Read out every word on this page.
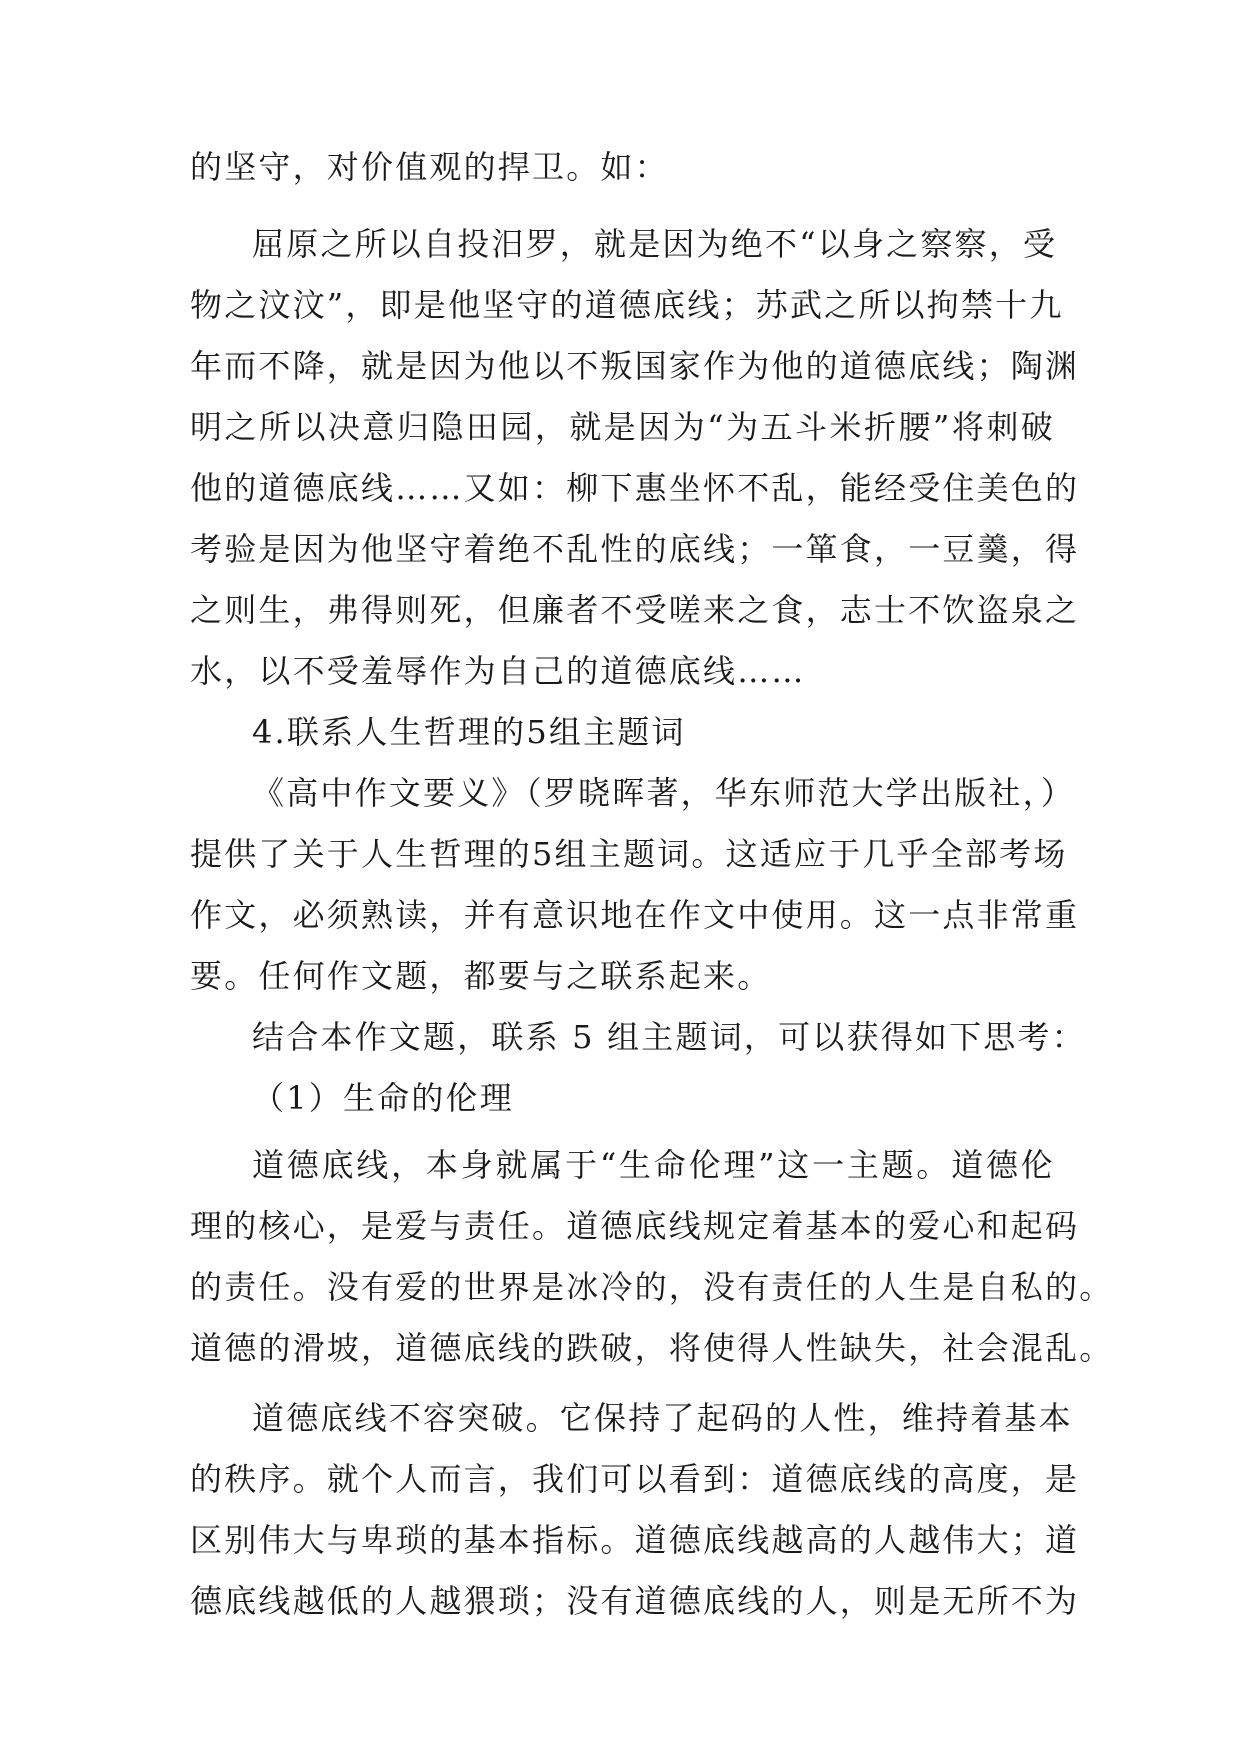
的坚守，对价值观的捍卫。如：
屈原之所以自投汨罗，就是因为绝不“以身之察察，受
物之汶汶”，即是他坚守的道德底线；苏武之所以拘禁十九
年而不降，就是因为他以不叛国家作为他的道德底线；陶渊
明之所以决意归隐田园，就是因为“为五斗米折腰”将刺破
他的道德底线……又如：柳下惠坐怀不乱，能经受住美色的
考验是因为他坚守着绝不乱性的底线；一箪食，一豆羹，得
之则生，弗得则死，但廉者不受嗟来之食，志士不饮盗泉之
水，以不受羞辱作为自己的道德底线……
4.联系人生哲理的5组主题词
《高中作文要义》（罗晓晖著，华东师范大学出版社，）
提供了关于人生哲理的5组主题词。这适应于几乎全部考场
作文，必须熟读，并有意识地在作文中使用。这一点非常重
要。任何作文题，都要与之联系起来。
结合本作文题，联系 5 组主题词，可以获得如下思考：
（1）生命的伦理
道德底线，本身就属于“生命伦理”这一主题。道德伦
理的核心，是爱与责任。道德底线规定着基本的爱心和起码
的责任。没有爱的世界是冰冷的，没有责任的人生是自私的。
道德的滑坡，道德底线的跌破，将使得人性缺失，社会混乱。
道德底线不容突破。它保持了起码的人性，维持着基本
的秩序。就个人而言，我们可以看到：道德底线的高度，是
区别伟大与卑琐的基本指标。道德底线越高的人越伟大；道
德底线越低的人越猥琐；没有道德底线的人，则是无所不为
